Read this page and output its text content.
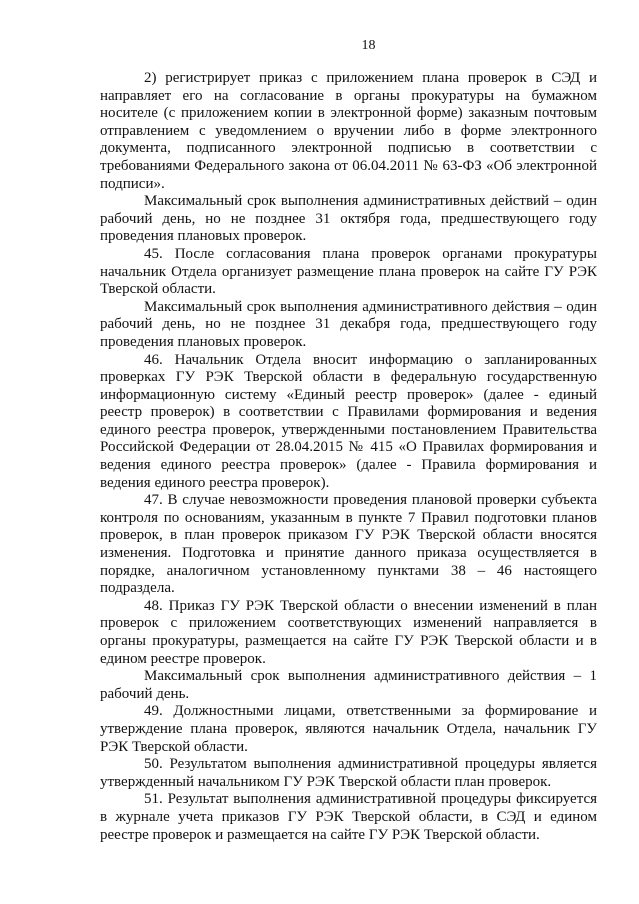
18

2) регистрирует приказ с приложением плана проверок в СЭД и направляет его на согласование в органы прокуратуры на бумажном носителе (с приложением копии в электронной форме) заказным почтовым отправлением с уведомлением о вручении либо в форме электронного документа, подписанного электронной подписью в соответствии с требованиями Федерального закона от 06.04.2011 № 63-ФЗ «Об электронной подписи».

Максимальный срок выполнения административных действий – один рабочий день, но не позднее 31 октября года, предшествующего году проведения плановых проверок.

45. После согласования плана проверок органами прокуратуры начальник Отдела организует размещение плана проверок на сайте ГУ РЭК Тверской области.

Максимальный срок выполнения административного действия – один рабочий день, но не позднее 31 декабря года, предшествующего году проведения плановых проверок.

46. Начальник Отдела вносит информацию о запланированных проверках ГУ РЭК Тверской области в федеральную государственную информационную систему «Единый реестр проверок» (далее - единый реестр проверок) в соответствии с Правилами формирования и ведения единого реестра проверок, утвержденными постановлением Правительства Российской Федерации от 28.04.2015 № 415 «О Правилах формирования и ведения единого реестра проверок» (далее - Правила формирования и ведения единого реестра проверок).

47. В случае невозможности проведения плановой проверки субъекта контроля по основаниям, указанным в пункте 7 Правил подготовки планов проверок, в план проверок приказом ГУ РЭК Тверской области вносятся изменения. Подготовка и принятие данного приказа осуществляется в порядке, аналогичном установленному пунктами 38 – 46 настоящего подраздела.

48. Приказ ГУ РЭК Тверской области о внесении изменений в план проверок с приложением соответствующих изменений направляется в органы прокуратуры, размещается на сайте ГУ РЭК Тверской области и в едином реестре проверок.

Максимальный срок выполнения административного действия – 1 рабочий день.

49. Должностными лицами, ответственными за формирование и утверждение плана проверок, являются начальник Отдела, начальник ГУ РЭК Тверской области.

50. Результатом выполнения административной процедуры является утвержденный начальником ГУ РЭК Тверской области план проверок.

51. Результат выполнения административной процедуры фиксируется в журнале учета приказов ГУ РЭК Тверской области, в СЭД и едином реестре проверок и размещается на сайте ГУ РЭК Тверской области.
